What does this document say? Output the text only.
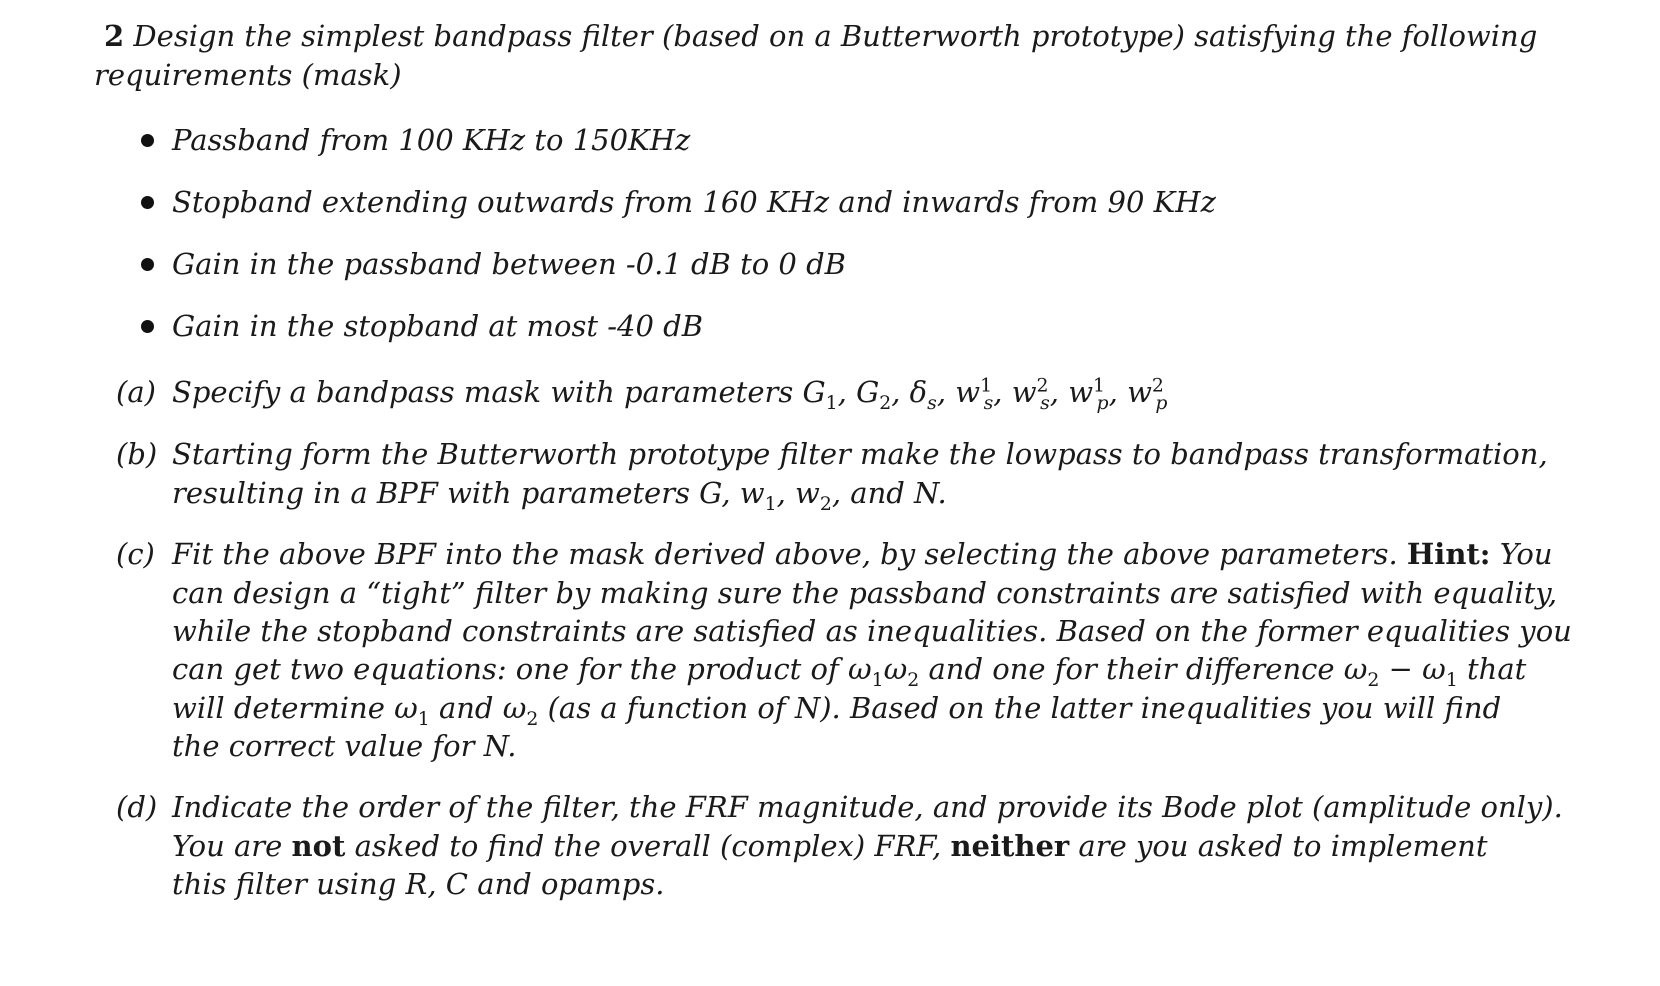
2 Design the simplest bandpass filter (based on a Butterworth prototype) satisfying the following
requirements (mask)
Passband from 100 KHz to 150KHz
Stopband extending outwards from 160 KHz and inwards from 90 KHz
Gain in the passband between -0.1 dB to 0 dB
Gain in the stopband at most -40 dB
(a) Specify a bandpass mask with parameters $G_1$, $G_2$, $\delta_s$, $w^1_s$, $w^2_s$, $w^1_p$, $w^2_p$
(b) Starting form the Butterworth prototype filter make the lowpass to bandpass transformation,
resulting in a BPF with parameters G, $w_1$, $w_2$, and N.
(c) Fit the above BPF into the mask derived above, by selecting the above parameters. Hint: You
can design a “tight” filter by making sure the passband constraints are satisfied with equality,
while the stopband constraints are satisfied as inequalities. Based on the former equalities you
can get two equations: one for the product of $\omega_1\omega_2$ and one for their difference $\omega_2 - \omega_1$ that
will determine $\omega_1$ and $\omega_2$ (as a function of N). Based on the latter inequalities you will find
the correct value for N.
(d) Indicate the order of the filter, the FRF magnitude, and provide its Bode plot (amplitude only).
You are not asked to find the overall (complex) FRF, neither are you asked to implement
this filter using R, C and opamps.
